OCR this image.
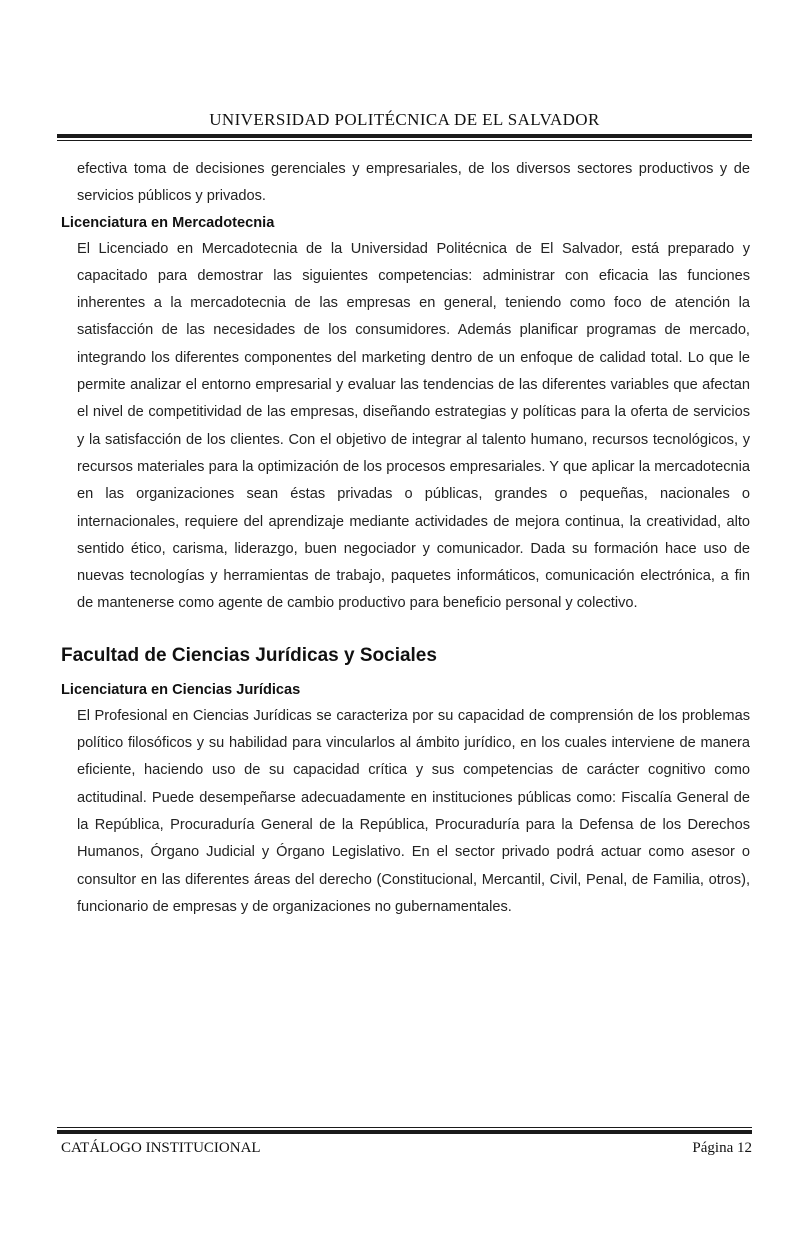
UNIVERSIDAD POLITÉCNICA DE EL SALVADOR

efectiva toma de decisiones gerenciales y empresariales, de los diversos sectores productivos y de servicios públicos y privados.

Licenciatura en Mercadotecnia

El Licenciado en Mercadotecnia de la Universidad Politécnica de El Salvador, está preparado y capacitado para demostrar las siguientes competencias: administrar con eficacia las funciones inherentes a la mercadotecnia de las empresas en general, teniendo como foco de atención la satisfacción de las necesidades de los consumidores. Además planificar programas de mercado, integrando los diferentes componentes del marketing dentro de un enfoque de calidad total. Lo que le permite analizar el entorno empresarial y evaluar las tendencias de las diferentes variables que afectan el nivel de competitividad de las empresas, diseñando estrategias y políticas para la oferta de servicios y la satisfacción de los clientes. Con el objetivo de integrar al talento humano, recursos tecnológicos, y recursos materiales para la optimización de los procesos empresariales. Y que aplicar la mercadotecnia en las organizaciones sean éstas privadas o públicas, grandes o pequeñas, nacionales o internacionales, requiere del aprendizaje mediante actividades de mejora continua, la creatividad, alto sentido ético, carisma, liderazgo, buen negociador y comunicador. Dada su formación hace uso de nuevas tecnologías y herramientas de trabajo, paquetes informáticos, comunicación electrónica, a fin de mantenerse como agente de cambio productivo para beneficio personal y colectivo.

Facultad de Ciencias Jurídicas y Sociales
Licenciatura en Ciencias Jurídicas

El Profesional en Ciencias Jurídicas se caracteriza por su capacidad de comprensión de los problemas político filosóficos y su habilidad para vincularlos al ámbito jurídico, en los cuales interviene de manera eficiente, haciendo uso de su capacidad crítica y sus competencias de carácter cognitivo como actitudinal. Puede desempeñarse adecuadamente en instituciones públicas como: Fiscalía General de la República, Procuraduría General de la República, Procuraduría para la Defensa de los Derechos Humanos, Órgano Judicial y Órgano Legislativo. En el sector privado podrá actuar como asesor o consultor en las diferentes áreas del derecho (Constitucional, Mercantil, Civil, Penal, de Familia, otros), funcionario de empresas y de organizaciones no gubernamentales.

CATÁLOGO INSTITUCIONAL	Página 12
